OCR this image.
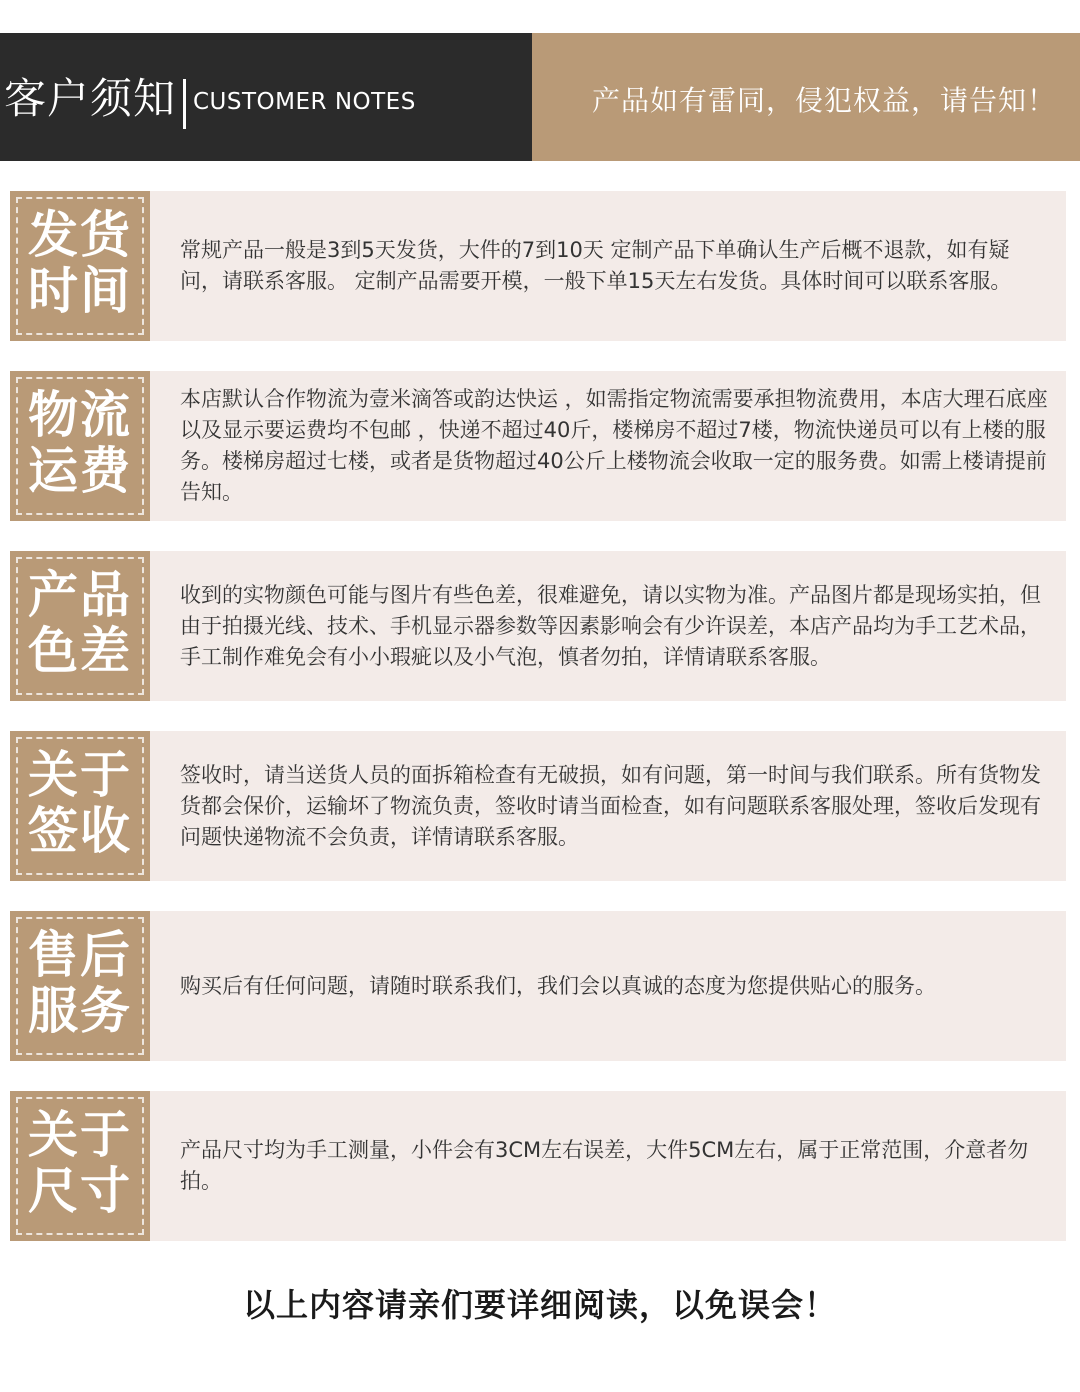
客户须知 CUSTOMER NOTES	产品如有雷同，侵犯权益，请告知！
发货时间
常规产品一般是3到5天发货，大件的7到10天 定制产品下单确认生产后概不退款，如有疑问，请联系客服。 定制产品需要开模，一般下单15天左右发货。具体时间可以联系客服。
物流运费
本店默认合作物流为壹米滴答或韵达快运 ，如需指定物流需要承担物流费用，本店大理石底座以及显示要运费均不包邮 ，快递不超过40斤，楼梯房不超过7楼，物流快递员可以有上楼的服务。楼梯房超过七楼，或者是货物超过40公斤上楼物流会收取一定的服务费。如需上楼请提前告知。
产品色差
收到的实物颜色可能与图片有些色差，很难避免，请以实物为准。产品图片都是现场实拍，但由于拍摄光线、技术、手机显示器参数等因素影响会有少许误差，本店产品均为手工艺术品，手工制作难免会有小小瑕疵以及小气泡，慎者勿拍，详情请联系客服。
关于签收
签收时，请当送货人员的面拆箱检查有无破损，如有问题，第一时间与我们联系。所有货物发货都会保价，运输坏了物流负责，签收时请当面检查，如有问题联系客服处理，签收后发现有问题快递物流不会负责，详情请联系客服。
售后服务 购买后有任何问题，请随时联系我们，我们会以真诚的态度为您提供贴心的服务。
关于尺寸
产品尺寸均为手工测量，小件会有3CM左右误差，大件5CM左右，属于正常范围，介意者勿拍。
以上内容请亲们要详细阅读，以免误会！
